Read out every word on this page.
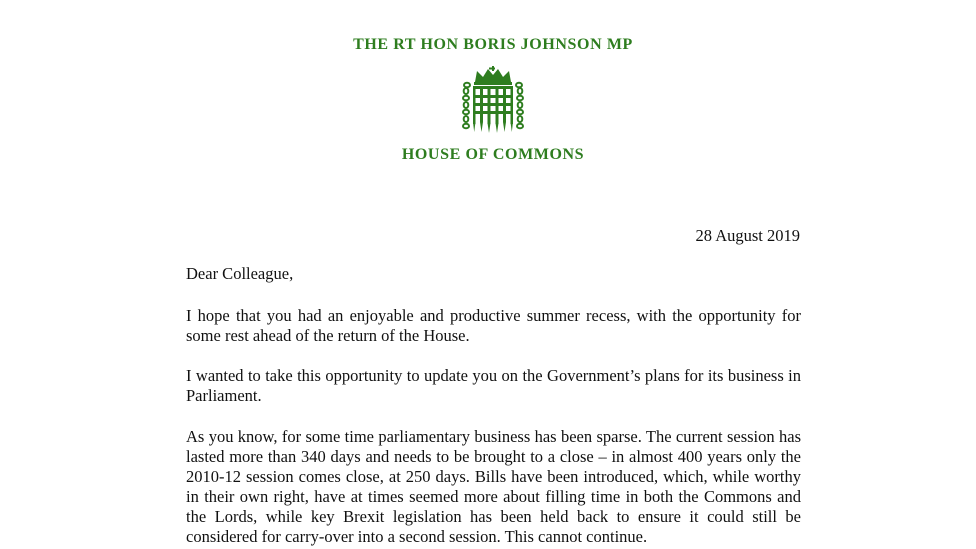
THE RT HON BORIS JOHNSON MP
HOUSE OF COMMONS
28 August 2019

Dear Colleague,

I hope that you had an enjoyable and productive summer recess, with the opportunity for some rest ahead of the return of the House.

I wanted to take this opportunity to update you on the Government’s plans for its business in Parliament.

As you know, for some time parliamentary business has been sparse. The current session has lasted more than 340 days and needs to be brought to a close – in almost 400 years only the 2010-12 session comes close, at 250 days. Bills have been introduced, which, while worthy in their own right, have at times seemed more about filling time in both the Commons and the Lords, while key Brexit legislation has been held back to ensure it could still be considered for carry-over into a second session. This cannot continue.
